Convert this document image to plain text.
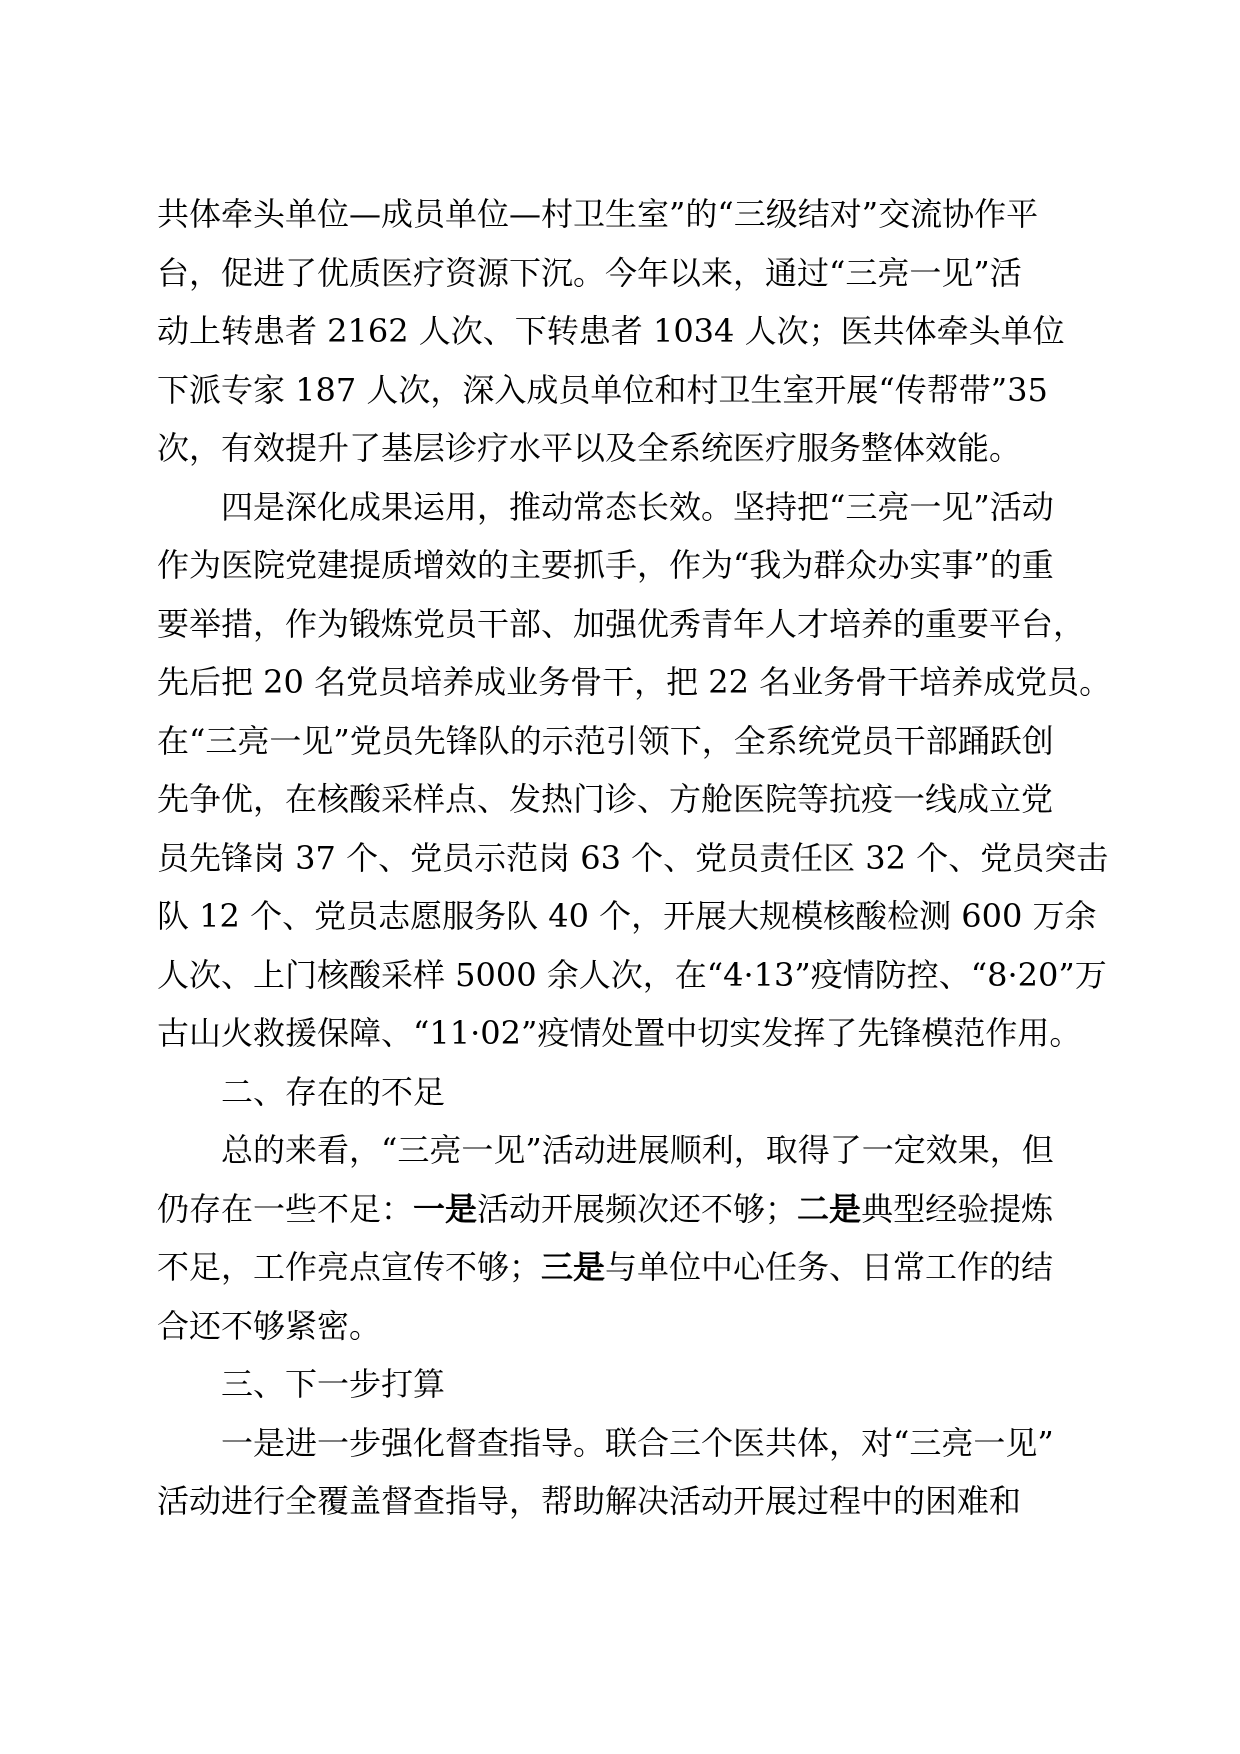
共体牵头单位—成员单位—村卫生室”的“三级结对”交流协作平
台，促进了优质医疗资源下沉。今年以来，通过“三亮一见”活
动上转患者 2162 人次、下转患者 1034 人次；医共体牵头单位
下派专家 187 人次，深入成员单位和村卫生室开展“传帮带”35
次，有效提升了基层诊疗水平以及全系统医疗服务整体效能。
四是深化成果运用，推动常态长效。坚持把“三亮一见”活动
作为医院党建提质增效的主要抓手，作为“我为群众办实事”的重
要举措，作为锻炼党员干部、加强优秀青年人才培养的重要平台，
先后把 20 名党员培养成业务骨干，把 22 名业务骨干培养成党员。
在“三亮一见”党员先锋队的示范引领下，全系统党员干部踊跃创
先争优，在核酸采样点、发热门诊、方舱医院等抗疫一线成立党
员先锋岗 37 个、党员示范岗 63 个、党员责任区 32 个、党员突击
队 12 个、党员志愿服务队 40 个，开展大规模核酸检测 600 万余
人次、上门核酸采样 5000 余人次，在“4·13”疫情防控、“8·20”万
古山火救援保障、“11·02”疫情处置中切实发挥了先锋模范作用。
二、存在的不足
总的来看，“三亮一见”活动进展顺利，取得了一定效果，但
仍存在一些不足：一是活动开展频次还不够；二是典型经验提炼
不足，工作亮点宣传不够；三是与单位中心任务、日常工作的结
合还不够紧密。
三、下一步打算
一是进一步强化督查指导。联合三个医共体，对“三亮一见”
活动进行全覆盖督查指导，帮助解决活动开展过程中的困难和
